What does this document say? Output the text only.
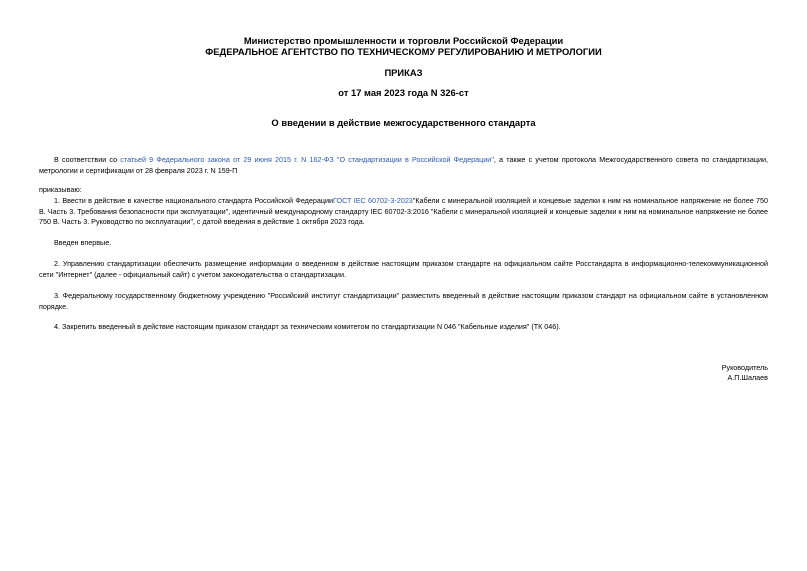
Министерство промышленности и торговли Российской Федерации
ФЕДЕРАЛЬНОЕ АГЕНТСТВО ПО ТЕХНИЧЕСКОМУ РЕГУЛИРОВАНИЮ И МЕТРОЛОГИИ
ПРИКАЗ
от 17 мая 2023 года N 326-ст
О введении в действие межгосударственного стандарта

В соответствии со статьей 9 Федерального закона от 29 июня 2015 г. N 162-ФЗ "О стандартизации в Российской Федерации", а также с учетом протокола Межгосударственного совета по стандартизации, метрологии и сертификации от 28 февраля 2023 г. N 159-П

приказываю:

1. Ввести в действие в качестве национального стандарта Российской ФедерацииГОСТ IEC 60702-3-2023"Кабели с минеральной изоляцией и концевые заделки к ним на номинальное напряжение не более 750 В. Часть 3. Требования безопасности при эксплуатации", идентичный международному стандарту IEC 60702-3:2016 "Кабели с минеральной изоляцией и концевые заделки к ним на номинальное напряжение не более 750 В. Часть 3. Руководство по эксплуатации", с датой введения в действие 1 октября 2023 года.

Введен впервые.

2. Управлению стандартизации обеспечить размещение информации о введенном в действие настоящим приказом стандарте на официальном сайте Росстандарта в информационно-телекоммуникационной сети "Интернет" (далее - официальный сайт) с учетом законодательства о стандартизации.

3. Федеральному государственному бюджетному учреждению "Российский институт стандартизации" разместить введенный в действие настоящим приказом стандарт на официальном сайте в установленном порядке.

4. Закрепить введенный в действие настоящим приказом стандарт за техническим комитетом по стандартизации N 046 "Кабельные изделия" (ТК 046).

Руководитель
А.П.Шалаев
